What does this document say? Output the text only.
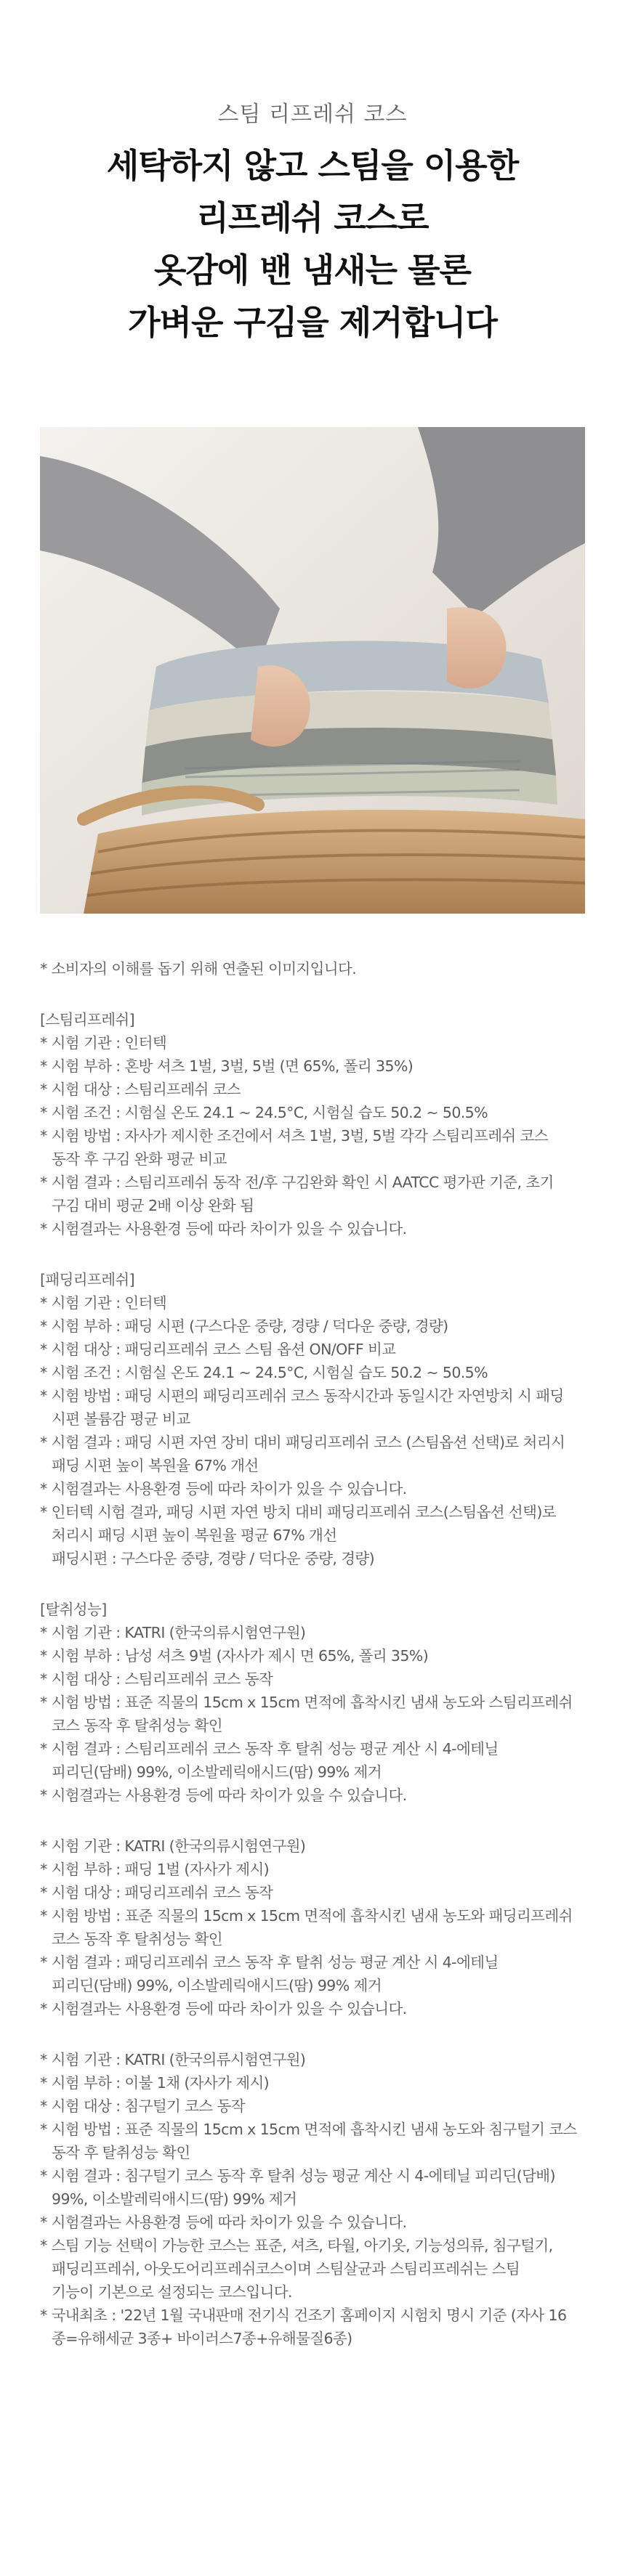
스팀 리프레쉬 코스
세탁하지 않고 스팀을 이용한
리프레쉬 코스로
옷감에 밴 냄새는 물론
가벼운 구김을 제거합니다
* 소비자의 이해를 돕기 위해 연출된 이미지입니다.
[스팀리프레쉬]
* 시험 기관 : 인터텍
* 시험 부하 : 혼방 셔츠 1벌, 3벌, 5벌 (면 65%, 폴리 35%)
* 시험 대상 : 스팀리프레쉬 코스
* 시험 조건 : 시험실 온도 24.1 ~ 24.5°C, 시험실 습도 50.2 ~ 50.5%
* 시험 방법 : 자사가 제시한 조건에서 셔츠 1벌, 3벌, 5벌 각각 스팀리프레쉬 코스
동작 후 구김 완화 평균 비교
* 시험 결과 : 스팀리프레쉬 동작 전/후 구김완화 확인 시 AATCC 평가판 기준, 초기
구김 대비 평균 2배 이상 완화 됨
* 시험결과는 사용환경 등에 따라 차이가 있을 수 있습니다.
[패딩리프레쉬]
* 시험 기관 : 인터텍
* 시험 부하 : 패딩 시편 (구스다운 중량, 경량 / 덕다운 중량, 경량)
* 시험 대상 : 패딩리프레쉬 코스 스팀 옵션 ON/OFF 비교
* 시험 조건 : 시험실 온도 24.1 ~ 24.5°C, 시험실 습도 50.2 ~ 50.5%
* 시험 방법 : 패딩 시편의 패딩리프레쉬 코스 동작시간과 동일시간 자연방치 시 패딩
시편 볼륨감 평균 비교
* 시험 결과 : 패딩 시편 자연 장비 대비 패딩리프레쉬 코스 (스팀옵션 선택)로 처리시
패딩 시편 높이 복원율 67% 개선
* 시험결과는 사용환경 등에 따라 차이가 있을 수 있습니다.
* 인터텍 시험 결과, 패딩 시편 자연 방치 대비 패딩리프레쉬 코스(스팀옵션 선택)로
처리시 패딩 시편 높이 복원율 평균 67% 개선
패딩시편 : 구스다운 중량, 경량 / 덕다운 중량, 경량)
[탈취성능]
* 시험 기관 : KATRI (한국의류시험연구원)
* 시험 부하 : 남성 셔츠 9벌 (자사가 제시 면 65%, 폴리 35%)
* 시험 대상 : 스팀리프레쉬 코스 동작
* 시험 방법 : 표준 직물의 15cm x 15cm 면적에 흡착시킨 냄새 농도와 스팀리프레쉬
코스 동작 후 탈취성능 확인
* 시험 결과 : 스팀리프레쉬 코스 동작 후 탈취 성능 평균 계산 시 4-에테닐
피리딘(담배) 99%, 이소발레릭애시드(땀) 99% 제거
* 시험결과는 사용환경 등에 따라 차이가 있을 수 있습니다.
* 시험 기관 : KATRI (한국의류시험연구원)
* 시험 부하 : 패딩 1벌 (자사가 제시)
* 시험 대상 : 패딩리프레쉬 코스 동작
* 시험 방법 : 표준 직물의 15cm x 15cm 면적에 흡착시킨 냄새 농도와 패딩리프레쉬
코스 동작 후 탈취성능 확인
* 시험 결과 : 패딩리프레쉬 코스 동작 후 탈취 성능 평균 계산 시 4-에테닐
피리딘(담배) 99%, 이소발레릭애시드(땀) 99% 제거
* 시험결과는 사용환경 등에 따라 차이가 있을 수 있습니다.
* 시험 기관 : KATRI (한국의류시험연구원)
* 시험 부하 : 이불 1채 (자사가 제시)
* 시험 대상 : 침구털기 코스 동작
* 시험 방법 : 표준 직물의 15cm x 15cm 면적에 흡착시킨 냄새 농도와 침구털기 코스
동작 후 탈취성능 확인
* 시험 결과 : 침구털기 코스 동작 후 탈취 성능 평균 계산 시 4-에테닐 피리딘(담배)
99%, 이소발레릭애시드(땀) 99% 제거
* 시험결과는 사용환경 등에 따라 차이가 있을 수 있습니다.
* 스팀 기능 선택이 가능한 코스는 표준, 셔츠, 타월, 아기옷, 기능성의류, 침구털기,
패딩리프레쉬, 아웃도어리프레쉬코스이며 스팀살균과 스팀리프레쉬는 스팀
기능이 기본으로 설정되는 코스입니다.
* 국내최초 : '22년 1월 국내판매 전기식 건조기 홈페이지 시험치 명시 기준 (자사 16
종=유해세균 3종+ 바이러스7종+유해물질6종)
